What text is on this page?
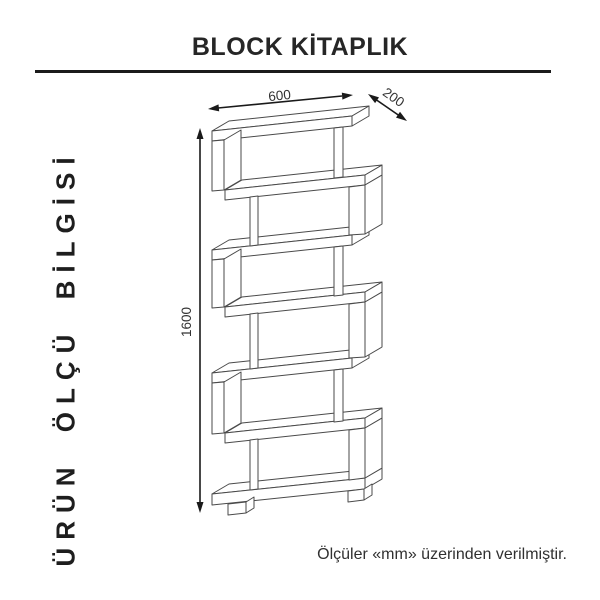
BLOCK KİTAPLIK
ÜRÜN ÖLÇÜ BİLGİSİ
600	200
1600
Ölçüler «mm» üzerinden verilmiştir.
